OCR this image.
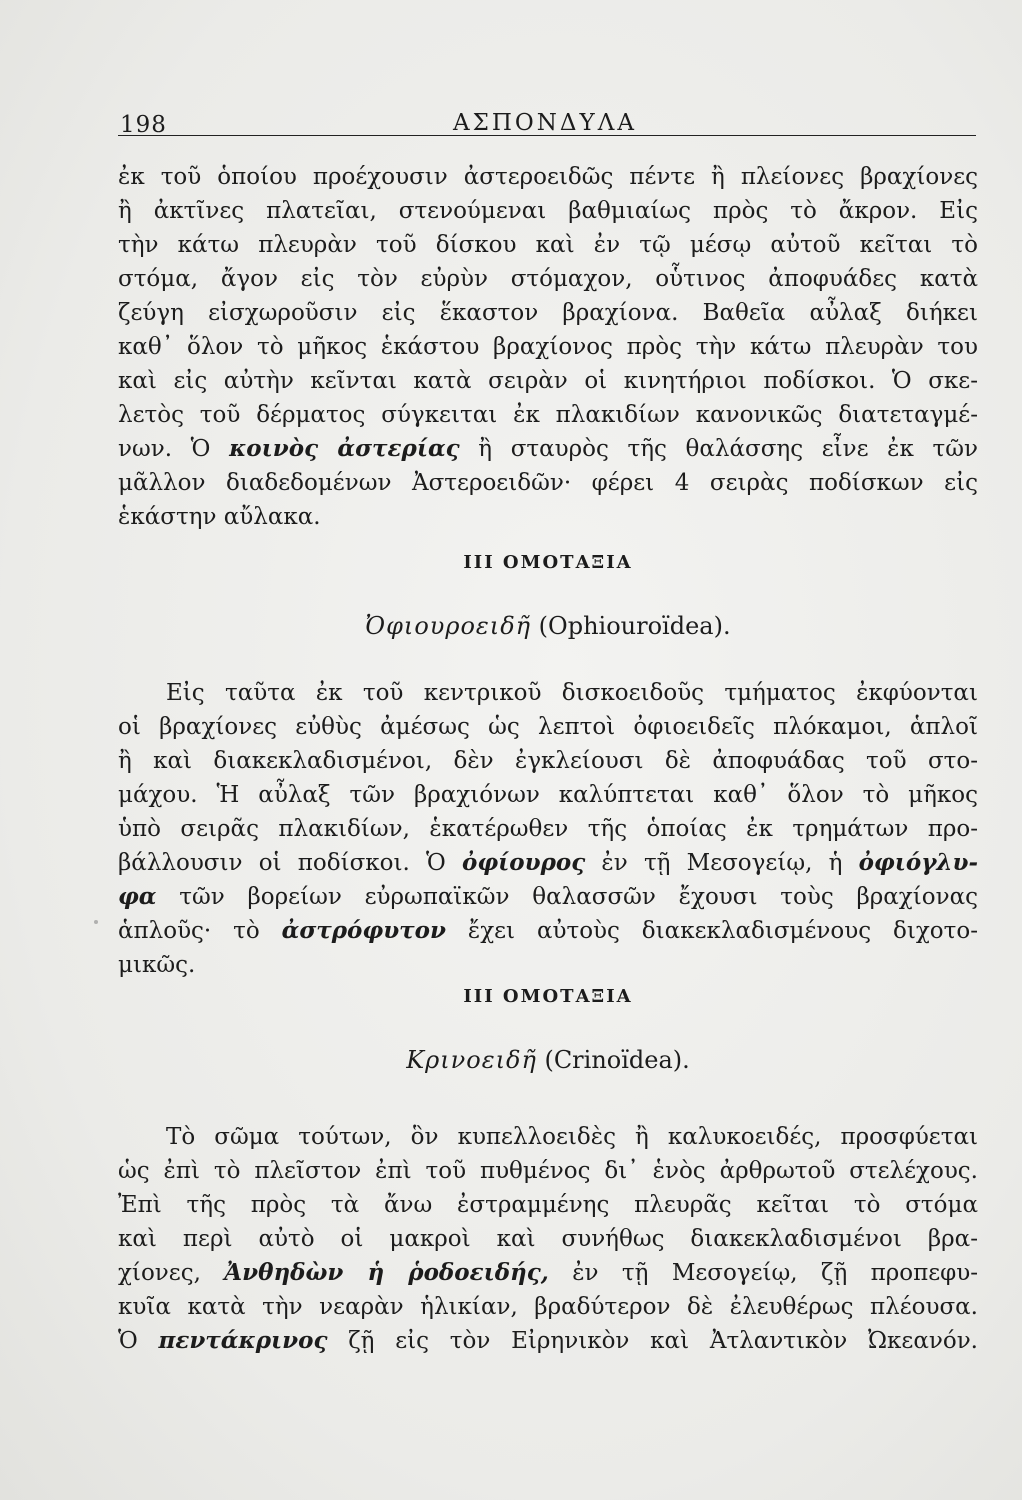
198	ΑΣΠΟΝΔΥΛΑ
ἐκ τοῦ ὁποίου προέχουσιν ἀστεροειδῶς πέντε ἢ πλείονες βραχίονες
ἢ ἀκτῖνες πλατεῖαι, στενούμεναι βαθμιαίως πρὸς τὸ ἄκρον. Εἰς
τὴν κάτω πλευρὰν τοῦ δίσκου καὶ ἐν τῷ μέσῳ αὐτοῦ κεῖται τὸ
στόμα, ἄγον εἰς τὸν εὐρὺν στόμαχον, οὗτινος ἀποφυάδες κατὰ
ζεύγη εἰσχωροῦσιν εἰς ἕκαστον βραχίονα. Βαθεῖα αὖλαξ διήκει
καθ᾽ ὅλον τὸ μῆκος ἑκάστου βραχίονος πρὸς τὴν κάτω πλευρὰν του
καὶ εἰς αὐτὴν κεῖνται κατὰ σειρὰν οἱ κινητήριοι ποδίσκοι. Ὁ σκε-
λετὸς τοῦ δέρματος σύγκειται ἐκ πλακιδίων κανονικῶς διατεταγμέ-
νων. Ὁ κοινὸς ἀστερίας ἢ σταυρὸς τῆς θαλάσσης εἶνε ἐκ τῶν
μᾶλλον διαδεδομένων Ἀστεροειδῶν· φέρει 4 σειρὰς ποδίσκων εἰς
ἑκάστην αὔλακα.
ΙΙΙ ΟΜΟΤΑΞΙΑ
Ὀφιουροειδῆ (Ophiouroïdea).
Εἰς ταῦτα ἐκ τοῦ κεντρικοῦ δισκοειδοῦς τμήματος ἐκφύονται
οἱ βραχίονες εὐθὺς ἀμέσως ὡς λεπτοὶ ὀφιοειδεῖς πλόκαμοι, ἁπλοῖ
ἢ καὶ διακεκλαδισμένοι, δὲν ἐγκλείουσι δὲ ἀποφυάδας τοῦ στο-
μάχου. Ἡ αὖλαξ τῶν βραχιόνων καλύπτεται καθ᾽ ὅλον τὸ μῆκος
ὑπὸ σειρᾶς πλακιδίων, ἑκατέρωθεν τῆς ὁποίας ἐκ τρημάτων προ-
βάλλουσιν οἱ ποδίσκοι. Ὁ ὀφίουρος ἐν τῇ Μεσογείῳ, ἡ ὀφιόγλυ-
φα τῶν βορείων εὐρωπαϊκῶν θαλασσῶν ἔχουσι τοὺς βραχίονας
ἁπλοῦς· τὸ ἀστρόφυτον ἔχει αὐτοὺς διακεκλαδισμένους διχοτο-
μικῶς.
ΙΙΙ ΟΜΟΤΑΞΙΑ
Κρινοειδῆ (Crinoïdea).
Τὸ σῶμα τούτων, ὃν κυπελλοειδὲς ἢ καλυκοειδές, προσφύεται
ὡς ἐπὶ τὸ πλεῖστον ἐπὶ τοῦ πυθμένος δι᾽ ἑνὸς ἀρθρωτοῦ στελέχους.
Ἐπὶ τῆς πρὸς τὰ ἄνω ἐστραμμένης πλευρᾶς κεῖται τὸ στόμα
καὶ περὶ αὐτὸ οἱ μακροὶ καὶ συνήθως διακεκλαδισμένοι βρα-
χίονες, Ἀνθηδὼν ἡ ῥοδοειδής, ἐν τῇ Μεσογείῳ, ζῇ προπεφυ-
κυῖα κατὰ τὴν νεαρὰν ἡλικίαν, βραδύτερον δὲ ἐλευθέρως πλέουσα.
Ὁ πεντάκρινος ζῇ εἰς τὸν Εἰρηνικὸν καὶ Ἀτλαντικὸν Ὠκεανόν.
